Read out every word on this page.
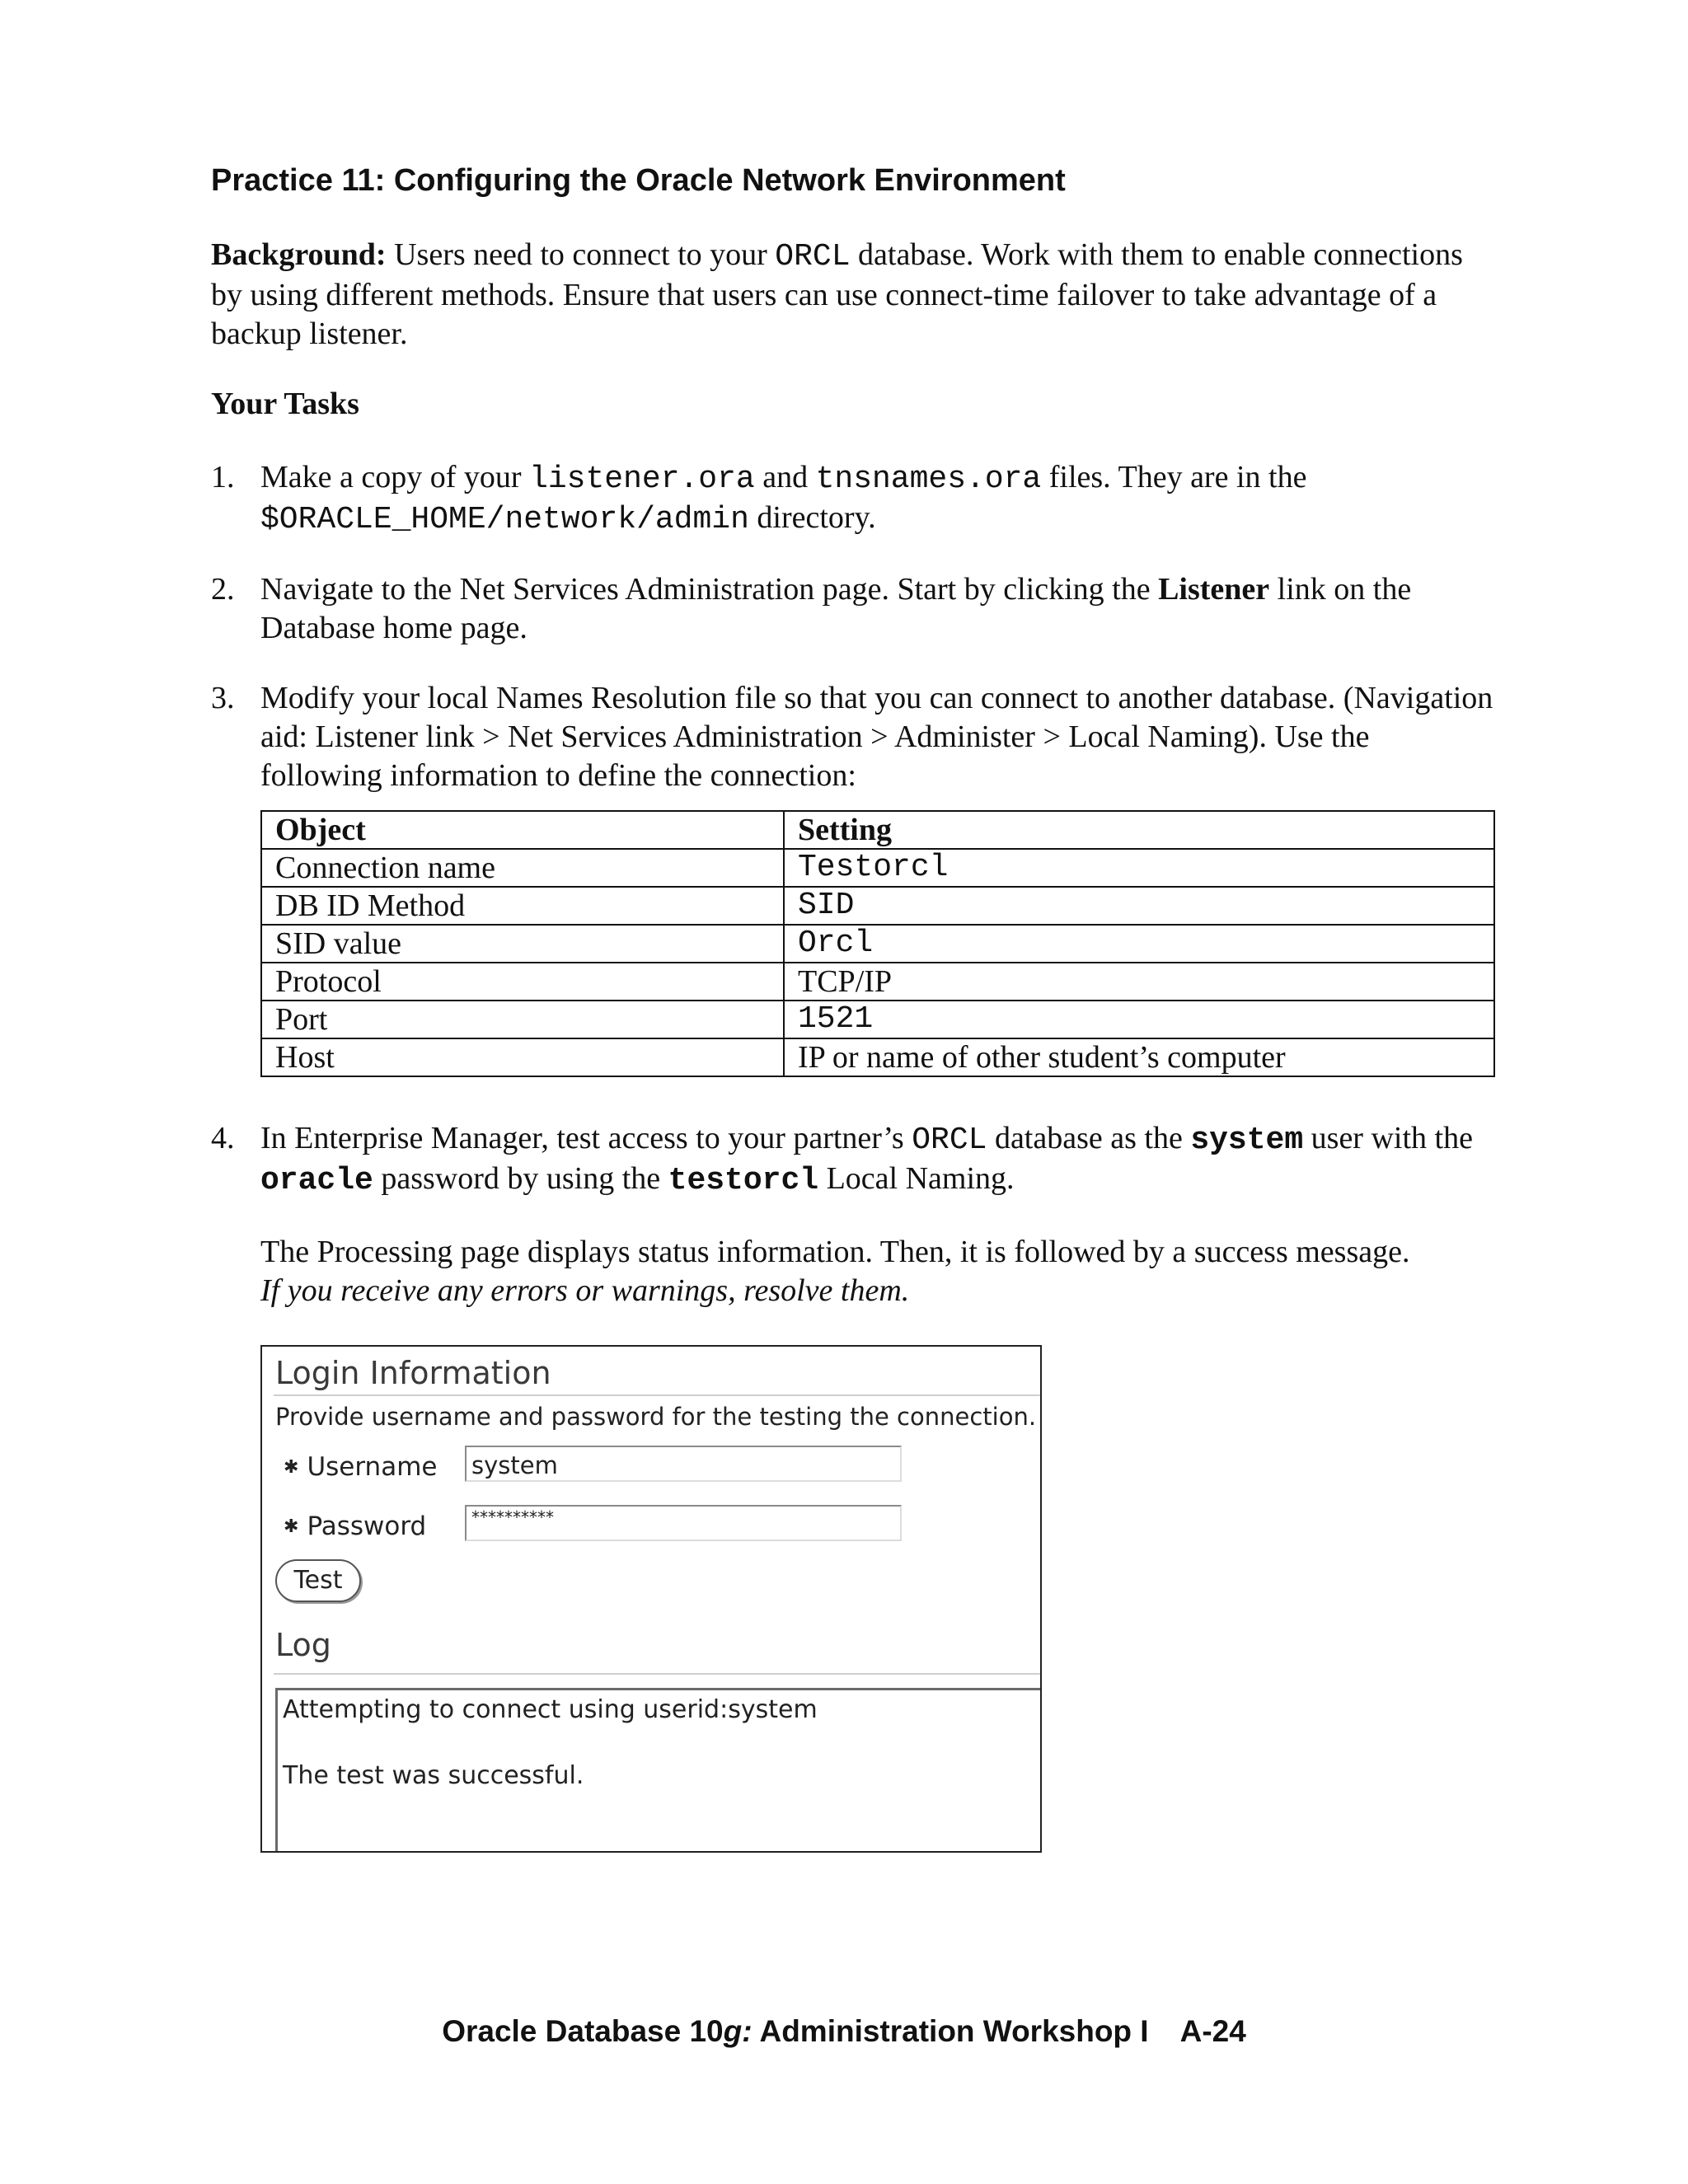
Practice 11: Configuring the Oracle Network Environment

Background: Users need to connect to your ORCL database. Work with them to enable connections by using different methods. Ensure that users can use connect-time failover to take advantage of a backup listener.

Your Tasks
1. Make a copy of your listener.ora and tnsnames.ora files. They are in the
$ORACLE_HOME/network/admin directory.
2. Navigate to the Net Services Administration page. Start by clicking the Listener link on the Database home page.
3. Modify your local Names Resolution file so that you can connect to another database. (Navigation aid: Listener link > Net Services Administration > Administer > Local Naming). Use the following information to define the connection:
Object	Setting
Connection name	Testorcl
DB ID Method	SID
SID value	Orcl
Protocol	TCP/IP
Port	1521
Host	IP or name of other student’s computer
4. In Enterprise Manager, test access to your partner’s ORCL database as the system user with the oracle password by using the testorcl Local Naming.
The Processing page displays status information. Then, it is followed by a success message.
If you receive any errors or warnings, resolve them.
Login Information
Provide username and password for the testing the connection.
✱ Username system
✱ Password	**********
Test
Log
Attempting to connect using userid:system
The test was successful.
Oracle Database 10g: Administration Workshop I A-24
